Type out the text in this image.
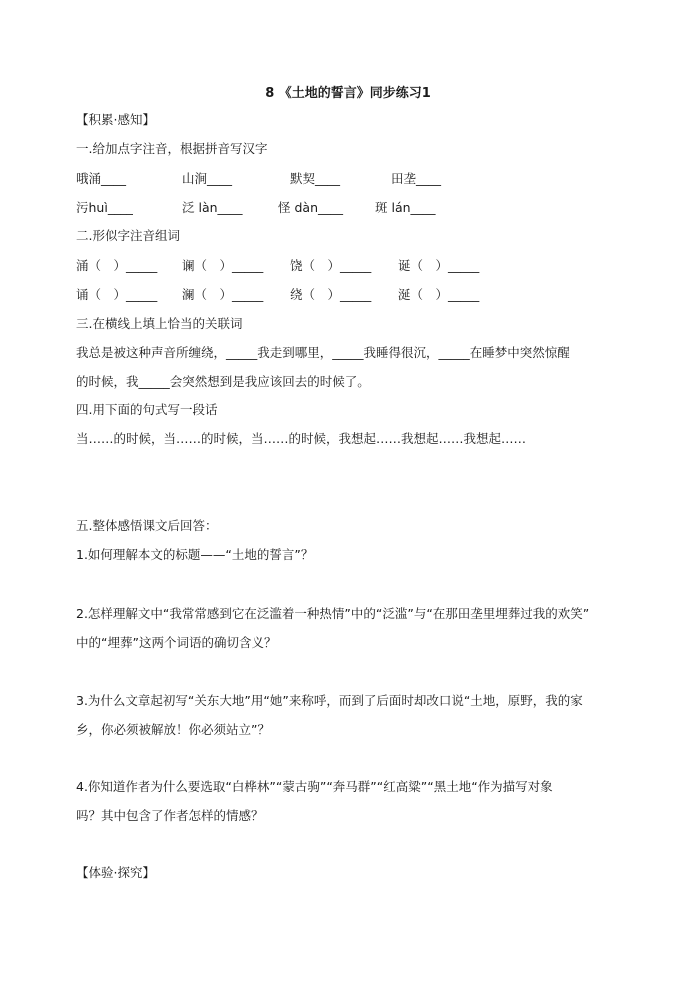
8 《土地的誓言》同步练习1
【积累·感知】
一.给加点字注音，根据拼音写汉字
哦涌____	山涧____	默契____	田垄____
污huì____	泛 làn____	怪 dàn____	斑 lán____
二.形似字注音组词
涌（　）_____ 谰（　）_____ 饶（　）_____ 诞（　）_____
诵（　）_____ 澜（　）_____ 绕（　）_____ 涎（　）_____
三.在横线上填上恰当的关联词
我总是被这种声音所缠绕，_____我走到哪里，_____我睡得很沉，_____在睡梦中突然惊醒
的时候，我_____会突然想到是我应该回去的时候了。
四.用下面的句式写一段话
当……的时候，当……的时候，当……的时候，我想起……我想起……我想起……
五.整体感悟课文后回答：
1.如何理解本文的标题——“土地的誓言”？
2.怎样理解文中“我常常感到它在泛滥着一种热情”中的“泛滥”与“在那田垄里埋葬过我的欢笑”
中的“埋葬”这两个词语的确切含义？
3.为什么文章起初写“关东大地”用“她”来称呼，而到了后面时却改口说“土地，原野，我的家
乡，你必须被解放！你必须站立”？
4.你知道作者为什么要选取“白桦林”“蒙古驹”“奔马群”“红高粱”“黑土地“作为描写对象
吗？其中包含了作者怎样的情感？
【体验·探究】
